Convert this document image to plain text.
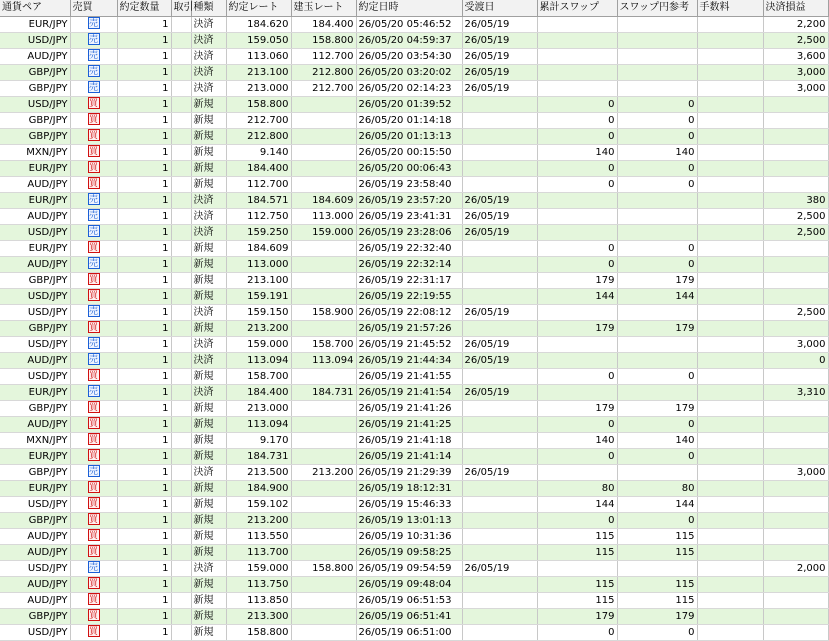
通貨ペア	売買	約定数量	取引	種類	約定レート	建玉レート	約定日時	受渡日	累計スワップ	スワップ円参考	手数料	決済損益
EUR/JPY	売	1		決済	184.620	184.400	26/05/20 05:46:52	26/05/19				2,200
USD/JPY	売	1		決済	159.050	158.800	26/05/20 04:59:37	26/05/19				2,500
AUD/JPY	売	1		決済	113.060	112.700	26/05/20 03:54:30	26/05/19				3,600
GBP/JPY	売	1		決済	213.100	212.800	26/05/20 03:20:02	26/05/19				3,000
GBP/JPY	売	1		決済	213.000	212.700	26/05/20 02:14:23	26/05/19				3,000
USD/JPY	買	1		新規	158.800		26/05/20 01:39:52		0	0		
GBP/JPY	買	1		新規	212.700		26/05/20 01:14:18		0	0		
GBP/JPY	買	1		新規	212.800		26/05/20 01:13:13		0	0		
MXN/JPY	買	1		新規	9.140		26/05/20 00:15:50		140	140		
EUR/JPY	買	1		新規	184.400		26/05/20 00:06:43		0	0		
AUD/JPY	買	1		新規	112.700		26/05/19 23:58:40		0	0		
EUR/JPY	売	1		決済	184.571	184.609	26/05/19 23:57:20	26/05/19				380
AUD/JPY	売	1		決済	112.750	113.000	26/05/19 23:41:31	26/05/19				2,500
USD/JPY	売	1		決済	159.250	159.000	26/05/19 23:28:06	26/05/19				2,500
EUR/JPY	買	1		新規	184.609		26/05/19 22:32:40		0	0		
AUD/JPY	売	1		新規	113.000		26/05/19 22:32:14		0	0		
GBP/JPY	買	1		新規	213.100		26/05/19 22:31:17		179	179		
USD/JPY	買	1		新規	159.191		26/05/19 22:19:55		144	144		
USD/JPY	売	1		決済	159.150	158.900	26/05/19 22:08:12	26/05/19				2,500
GBP/JPY	買	1		新規	213.200		26/05/19 21:57:26		179	179		
USD/JPY	売	1		決済	159.000	158.700	26/05/19 21:45:52	26/05/19				3,000
AUD/JPY	売	1		決済	113.094	113.094	26/05/19 21:44:34	26/05/19				0
USD/JPY	買	1		新規	158.700		26/05/19 21:41:55		0	0		
EUR/JPY	売	1		決済	184.400	184.731	26/05/19 21:41:54	26/05/19				3,310
GBP/JPY	買	1		新規	213.000		26/05/19 21:41:26		179	179		
AUD/JPY	買	1		新規	113.094		26/05/19 21:41:25		0	0		
MXN/JPY	買	1		新規	9.170		26/05/19 21:41:18		140	140		
EUR/JPY	買	1		新規	184.731		26/05/19 21:41:14		0	0		
GBP/JPY	売	1		決済	213.500	213.200	26/05/19 21:29:39	26/05/19				3,000
EUR/JPY	買	1		新規	184.900		26/05/19 18:12:31		80	80		
USD/JPY	買	1		新規	159.102		26/05/19 15:46:33		144	144		
GBP/JPY	買	1		新規	213.200		26/05/19 13:01:13		0	0		
AUD/JPY	買	1		新規	113.550		26/05/19 10:31:36		115	115		
AUD/JPY	買	1		新規	113.700		26/05/19 09:58:25		115	115		
USD/JPY	売	1		決済	159.000	158.800	26/05/19 09:54:59	26/05/19				2,000
AUD/JPY	買	1		新規	113.750		26/05/19 09:48:04		115	115		
AUD/JPY	買	1		新規	113.850		26/05/19 06:51:53		115	115		
GBP/JPY	買	1		新規	213.300		26/05/19 06:51:41		179	179		
USD/JPY	買	1		新規	158.800		26/05/19 06:51:00		0	0		
